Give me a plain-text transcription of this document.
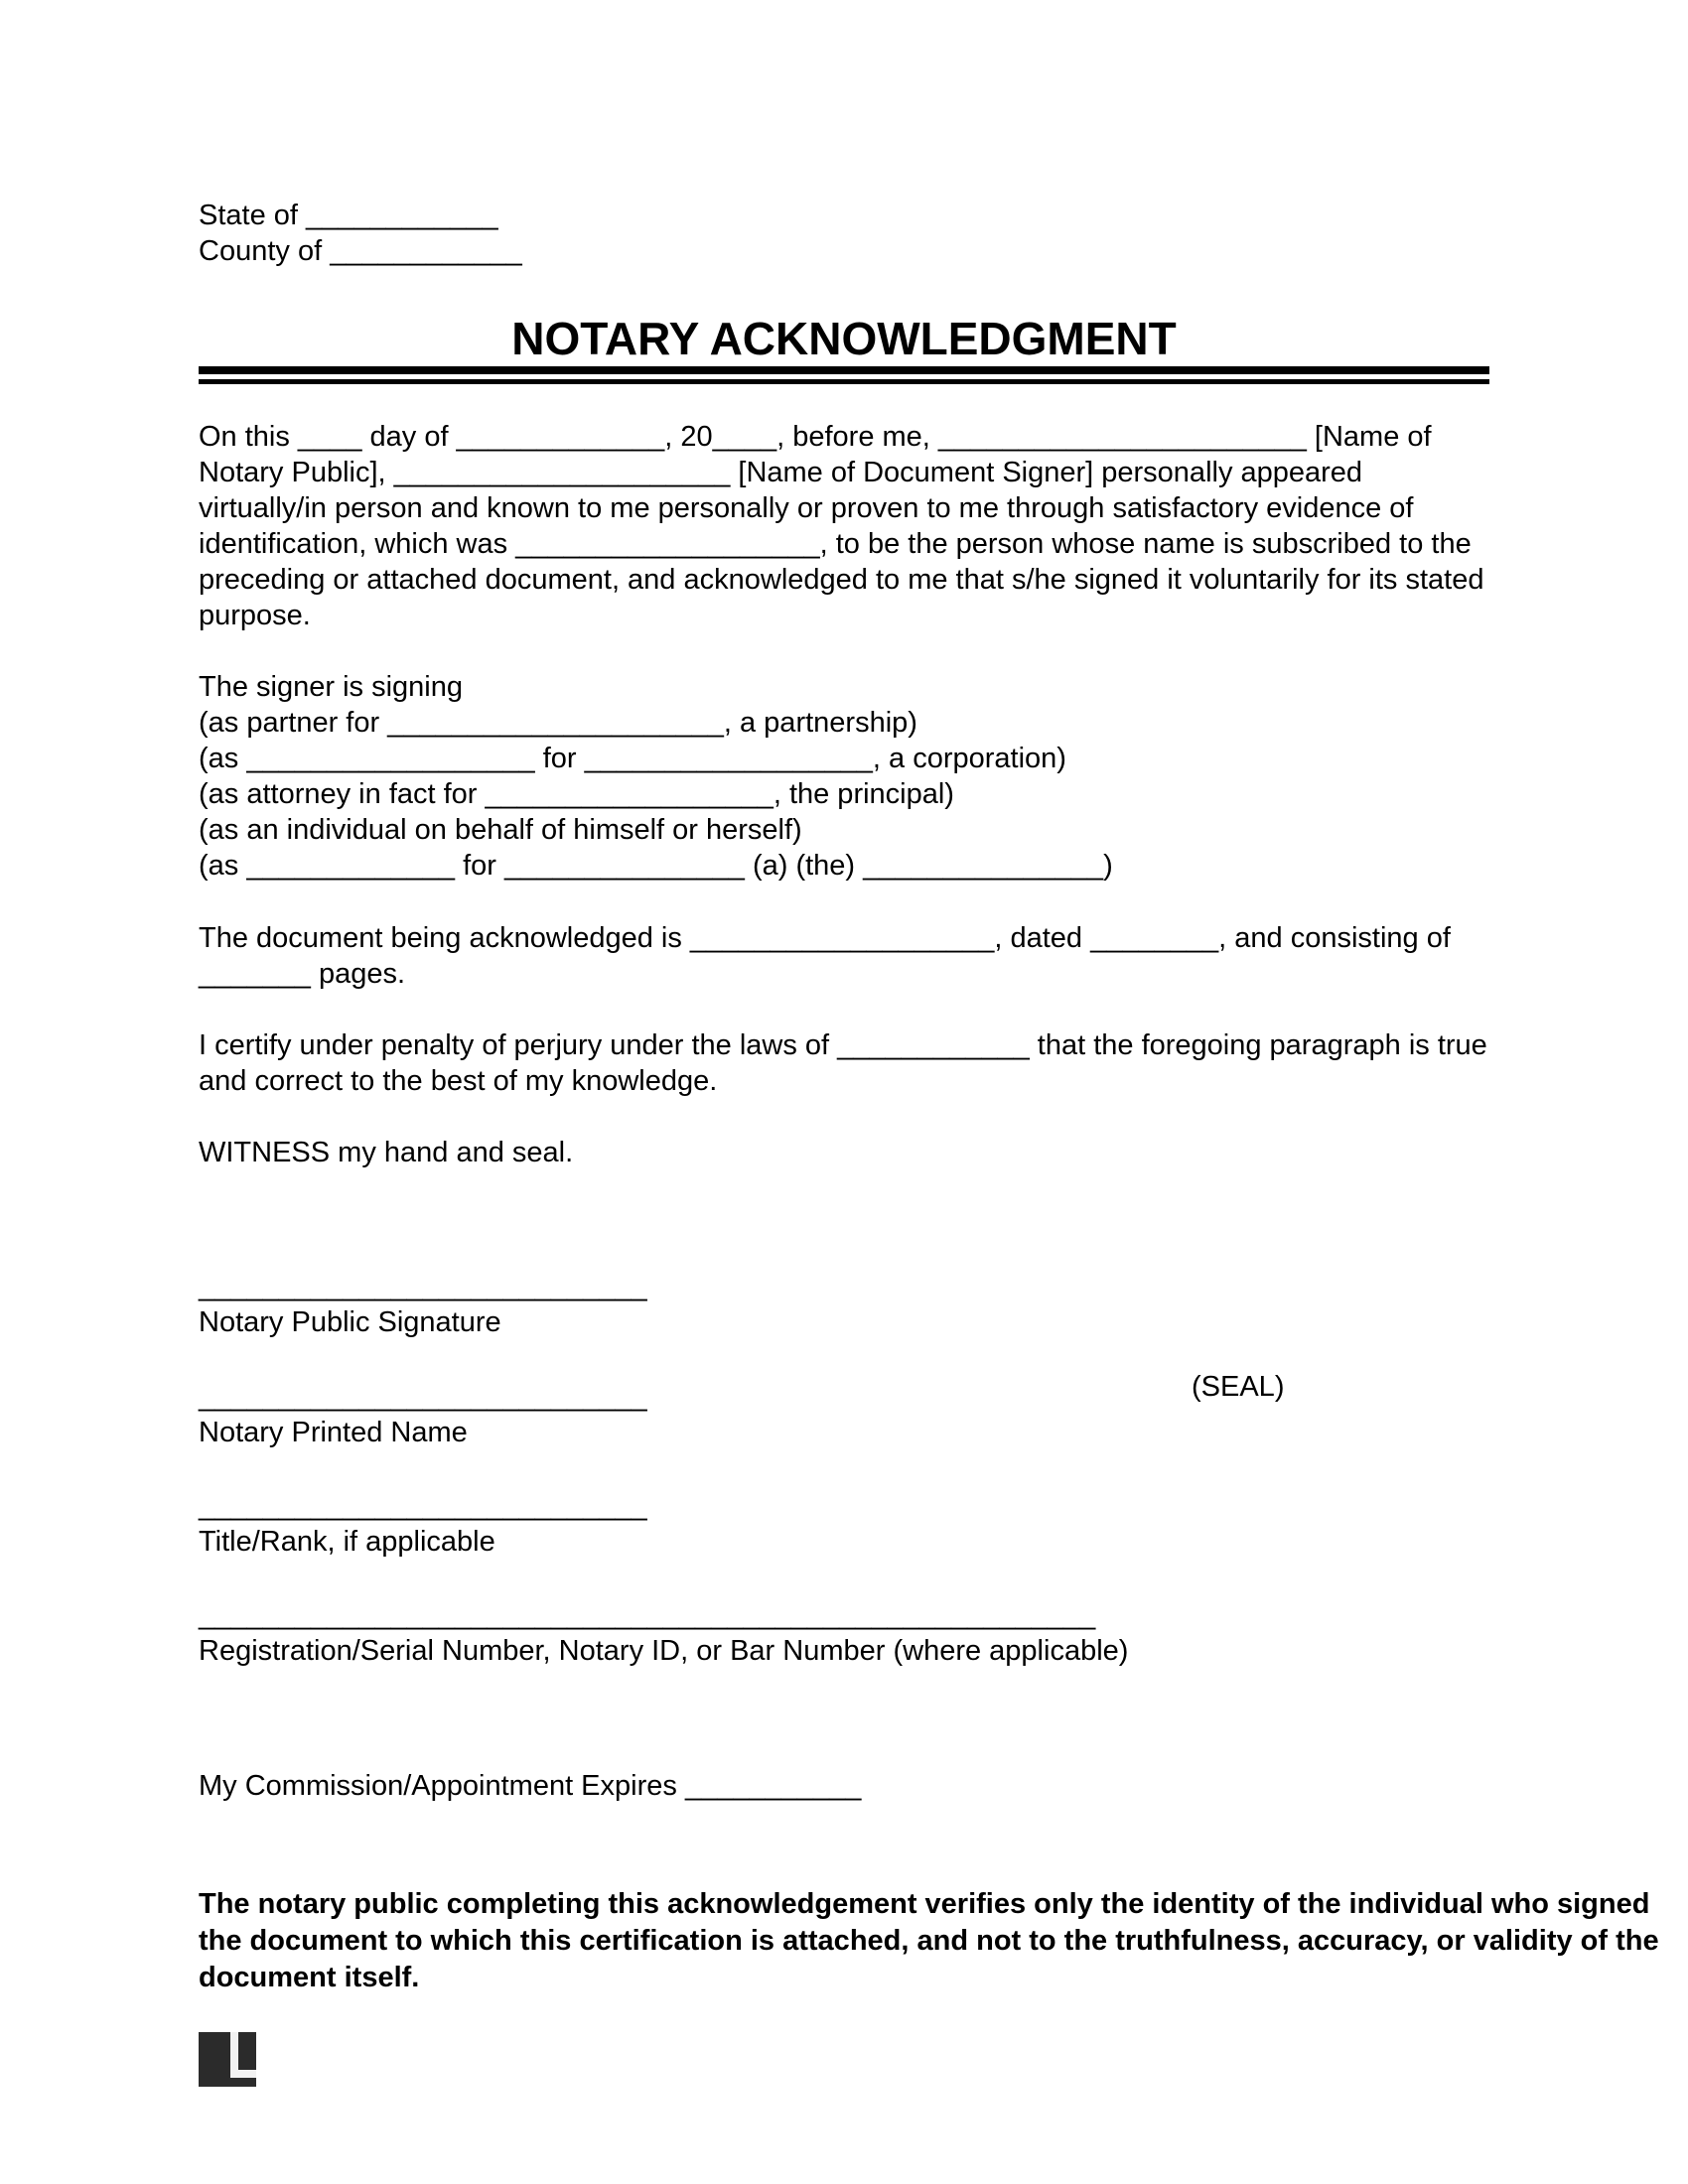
State of ____________
County of ____________
NOTARY ACKNOWLEDGMENT
On this ____ day of _____________, 20____, before me, _______________________ [Name of
Notary Public], _____________________ [Name of Document Signer] personally appeared
virtually/in person and known to me personally or proven to me through satisfactory evidence of
identification, which was ___________________, to be the person whose name is subscribed to the
preceding or attached document, and acknowledged to me that s/he signed it voluntarily for its stated
purpose.
The signer is signing
(as partner for _____________________, a partnership)
(as __________________ for __________________, a corporation)
(as attorney in fact for __________________, the principal)
(as an individual on behalf of himself or herself)
(as _____________ for _______________ (a) (the) _______________)
The document being acknowledged is ___________________, dated ________, and consisting of
_______ pages.
I certify under penalty of perjury under the laws of ____________ that the foregoing paragraph is true
and correct to the best of my knowledge.
WITNESS my hand and seal.
____________________________
Notary Public Signature
____________________________	(SEAL)
Notary Printed Name
____________________________
Title/Rank, if applicable
________________________________________________________
Registration/Serial Number, Notary ID, or Bar Number (where applicable)
My Commission/Appointment Expires ___________
The notary public completing this acknowledgement verifies only the identity of the individual who signed
the document to which this certification is attached, and not to the truthfulness, accuracy, or validity of the
document itself.
